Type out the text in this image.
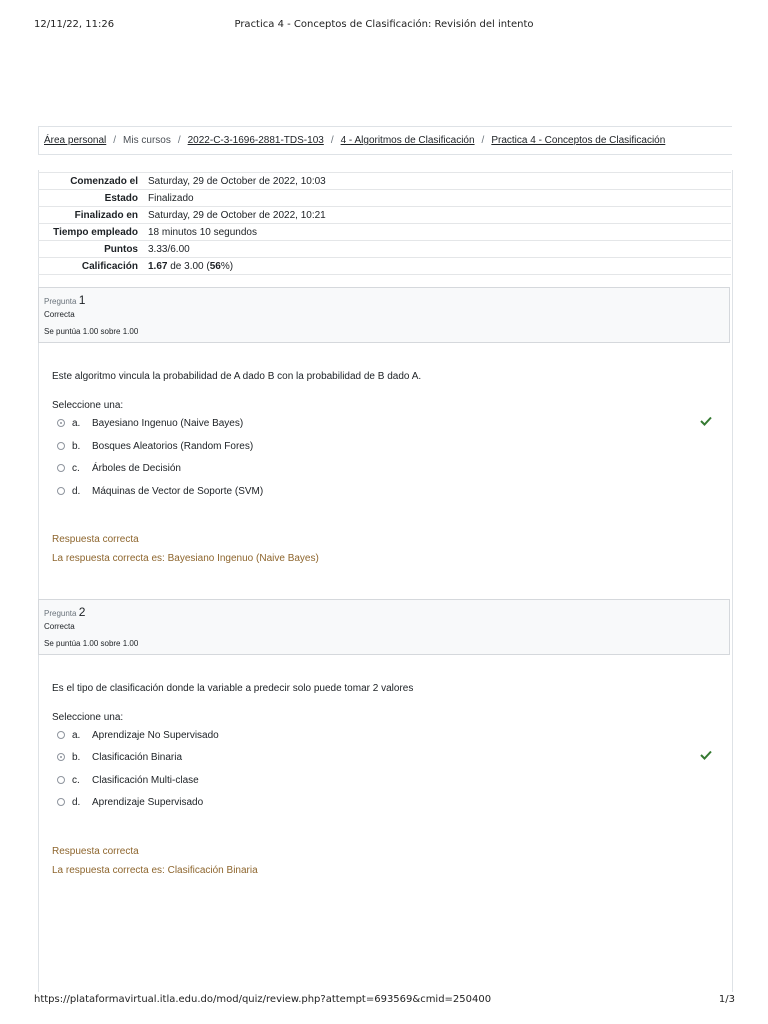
12/11/22, 11:26	Practica 4 - Conceptos de Clasificación: Revisión del intento
Área personal / Mis cursos / 2022-C-3-1696-2881-TDS-103 / 4 - Algoritmos de Clasificación / Practica 4 - Conceptos de Clasificación
Comenzado el	Saturday, 29 de October de 2022, 10:03
Estado	Finalizado
Finalizado en	Saturday, 29 de October de 2022, 10:21
Tiempo empleado	18 minutos 10 segundos
Puntos	3.33/6.00
Calificación	1.67 de 3.00 (56%)
Pregunta 1
Correcta
Se puntúa 1.00 sobre 1.00
Este algoritmo vincula la probabilidad de A dado B con la probabilidad de B dado A.
Seleccione una:
a.	Bayesiano Ingenuo (Naive Bayes)
b.	Bosques Aleatorios (Random Fores)
c.	Árboles de Decisión
d.	Máquinas de Vector de Soporte (SVM)
Respuesta correcta
La respuesta correcta es: Bayesiano Ingenuo (Naive Bayes)
Pregunta 2
Correcta
Se puntúa 1.00 sobre 1.00
Es el tipo de clasificación donde la variable a predecir solo puede tomar 2 valores
Seleccione una:
a.	Aprendizaje No Supervisado
b.	Clasificación Binaria
c.	Clasificación Multi-clase
d.	Aprendizaje Supervisado
Respuesta correcta
La respuesta correcta es: Clasificación Binaria
https://plataformavirtual.itla.edu.do/mod/quiz/review.php?attempt=693569&cmid=250400	1/3
